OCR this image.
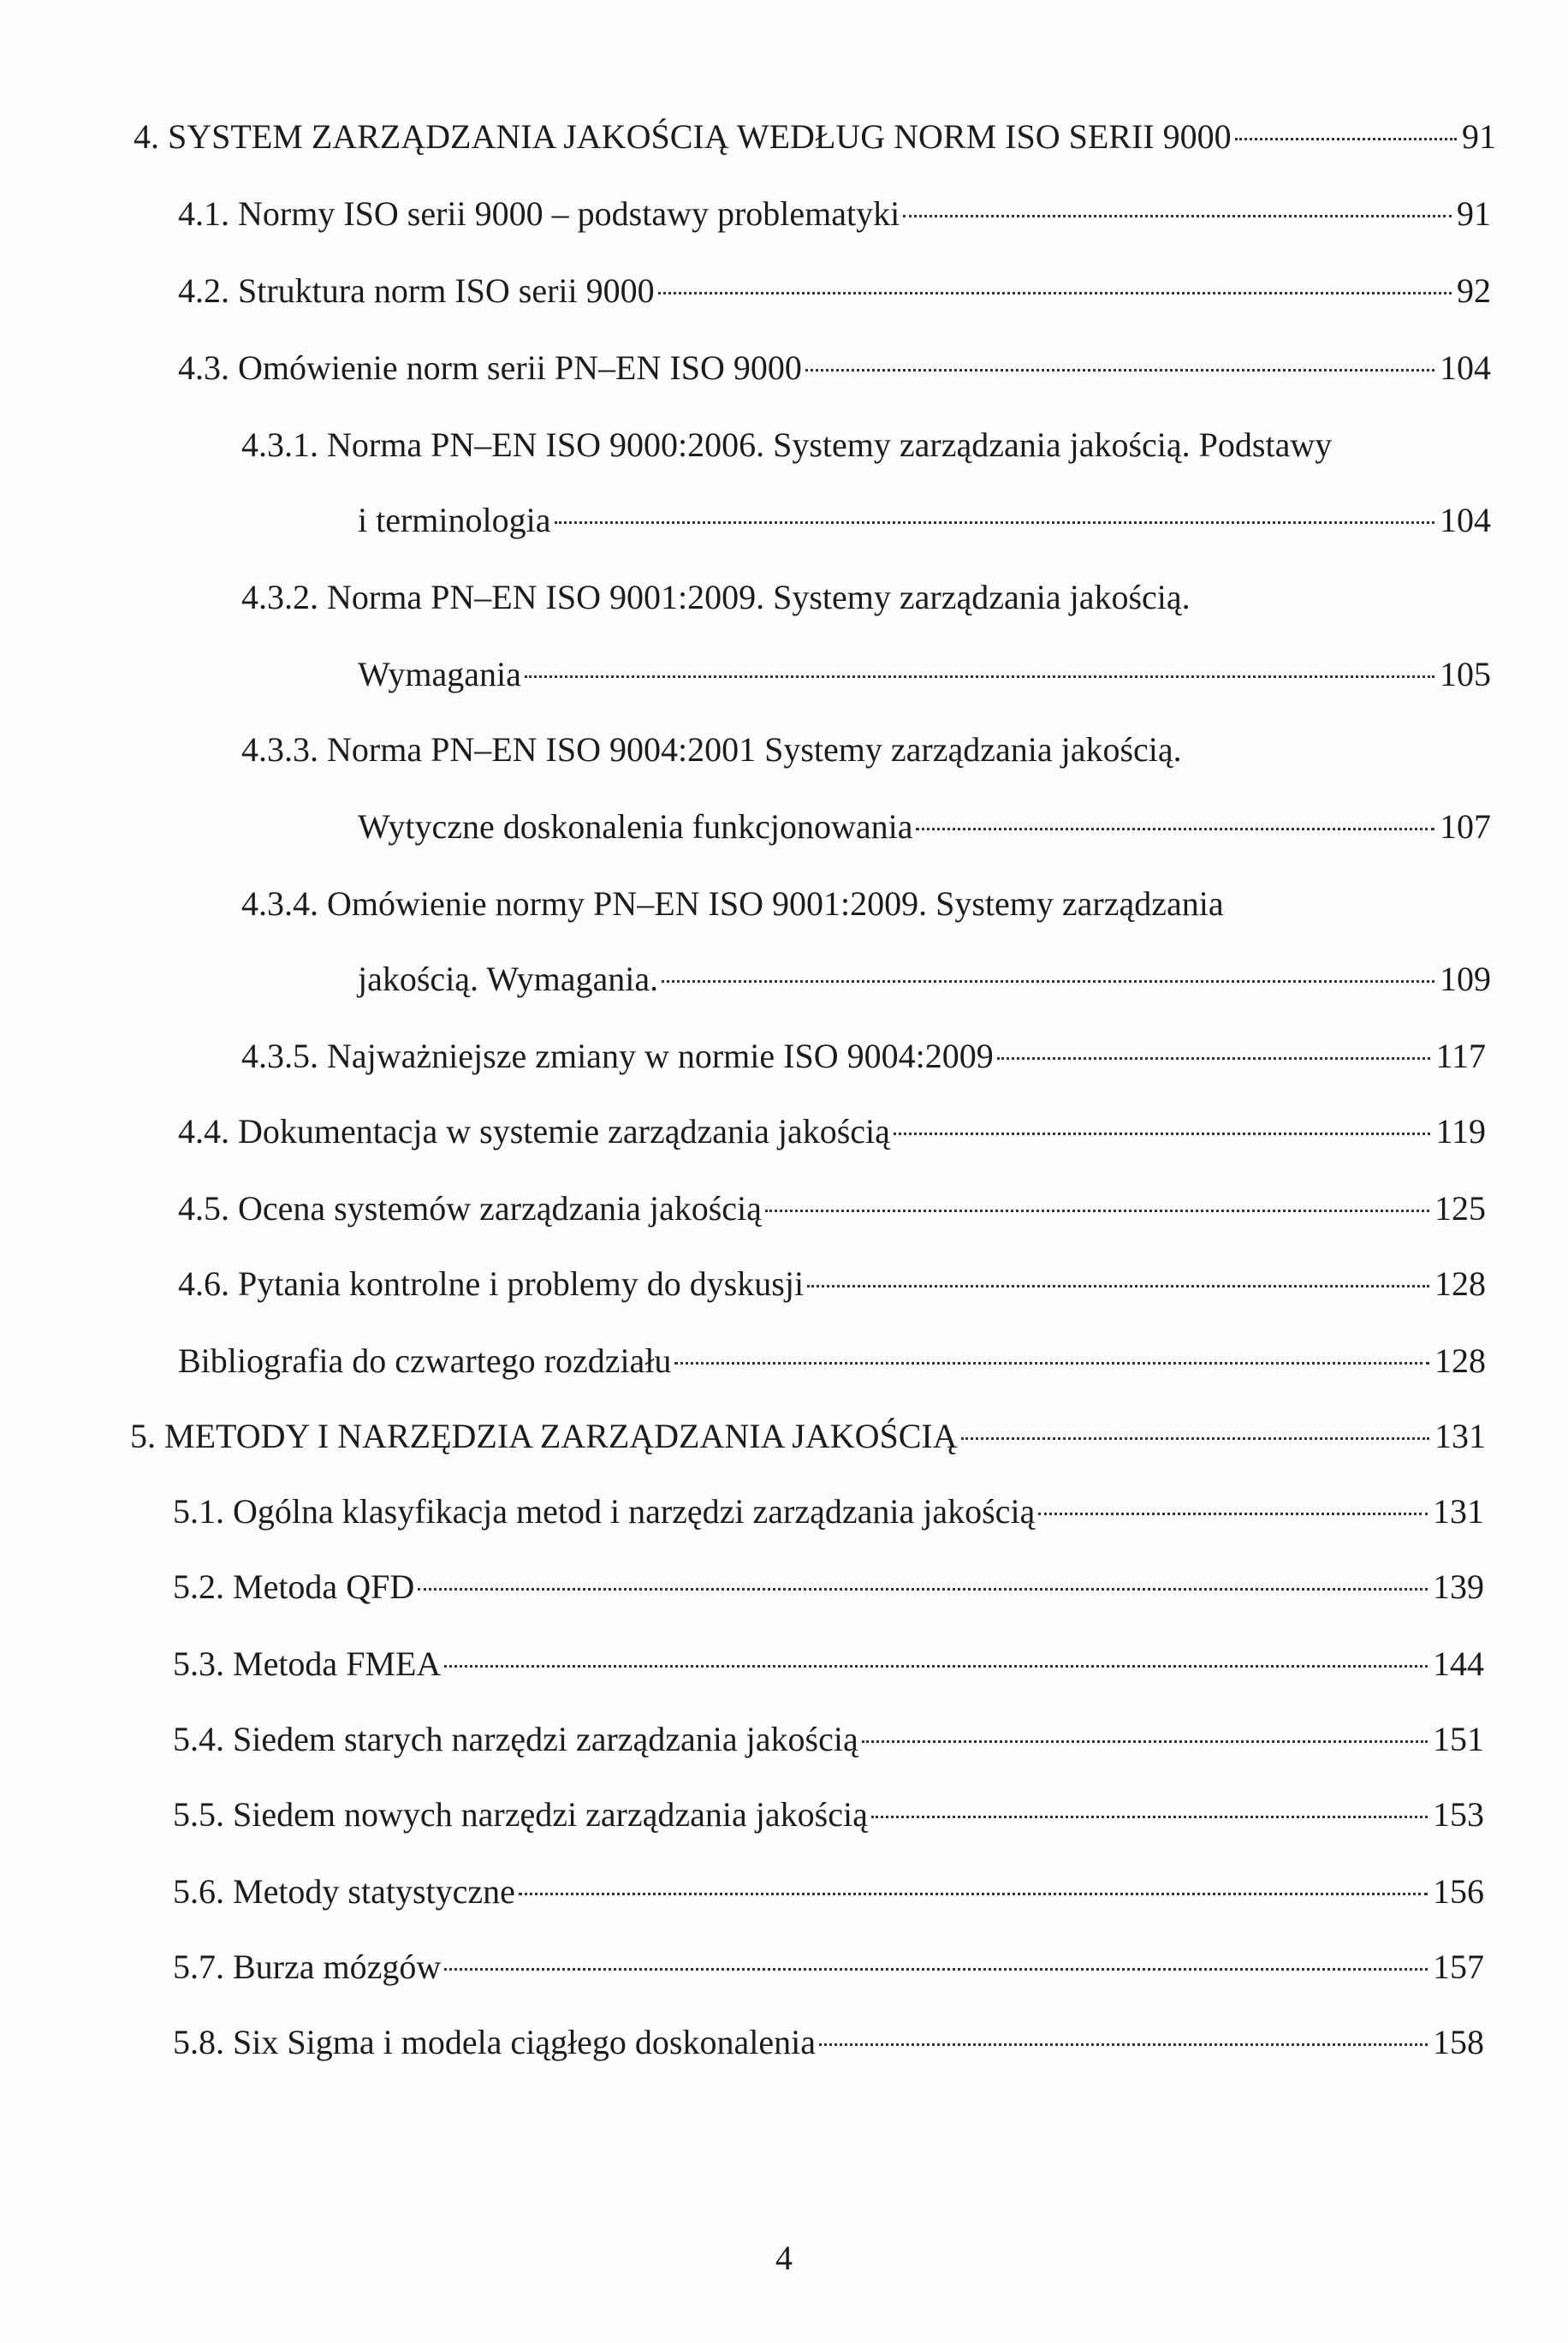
4. SYSTEM ZARZĄDZANIA JAKOŚCIĄ WEDŁUG NORM ISO SERII 9000	91
4.1. Normy ISO serii 9000 – podstawy problematyki	91
4.2. Struktura norm ISO serii 9000	92
4.3. Omówienie norm serii PN–EN ISO 9000	104
4.3.1. Norma PN–EN ISO 9000:2006. Systemy zarządzania jakością. Podstawy
i terminologia	104
4.3.2. Norma PN–EN ISO 9001:2009. Systemy zarządzania jakością.
Wymagania	105
4.3.3. Norma PN–EN ISO 9004:2001 Systemy zarządzania jakością.
Wytyczne doskonalenia funkcjonowania	107
4.3.4. Omówienie normy PN–EN ISO 9001:2009. Systemy zarządzania
jakością. Wymagania.	109
4.3.5. Najważniejsze zmiany w normie ISO 9004:2009	117
4.4. Dokumentacja w systemie zarządzania jakością	119
4.5. Ocena systemów zarządzania jakością	125
4.6. Pytania kontrolne i problemy do dyskusji	128
Bibliografia do czwartego rozdziału	128
5. METODY I NARZĘDZIA ZARZĄDZANIA JAKOŚCIĄ	131
5.1. Ogólna klasyfikacja metod i narzędzi zarządzania jakością	131
5.2. Metoda QFD	139
5.3. Metoda FMEA	144
5.4. Siedem starych narzędzi zarządzania jakością	151
5.5. Siedem nowych narzędzi zarządzania jakością	153
5.6. Metody statystyczne	156
5.7. Burza mózgów	157
5.8. Six Sigma i modela ciągłego doskonalenia	158
4
